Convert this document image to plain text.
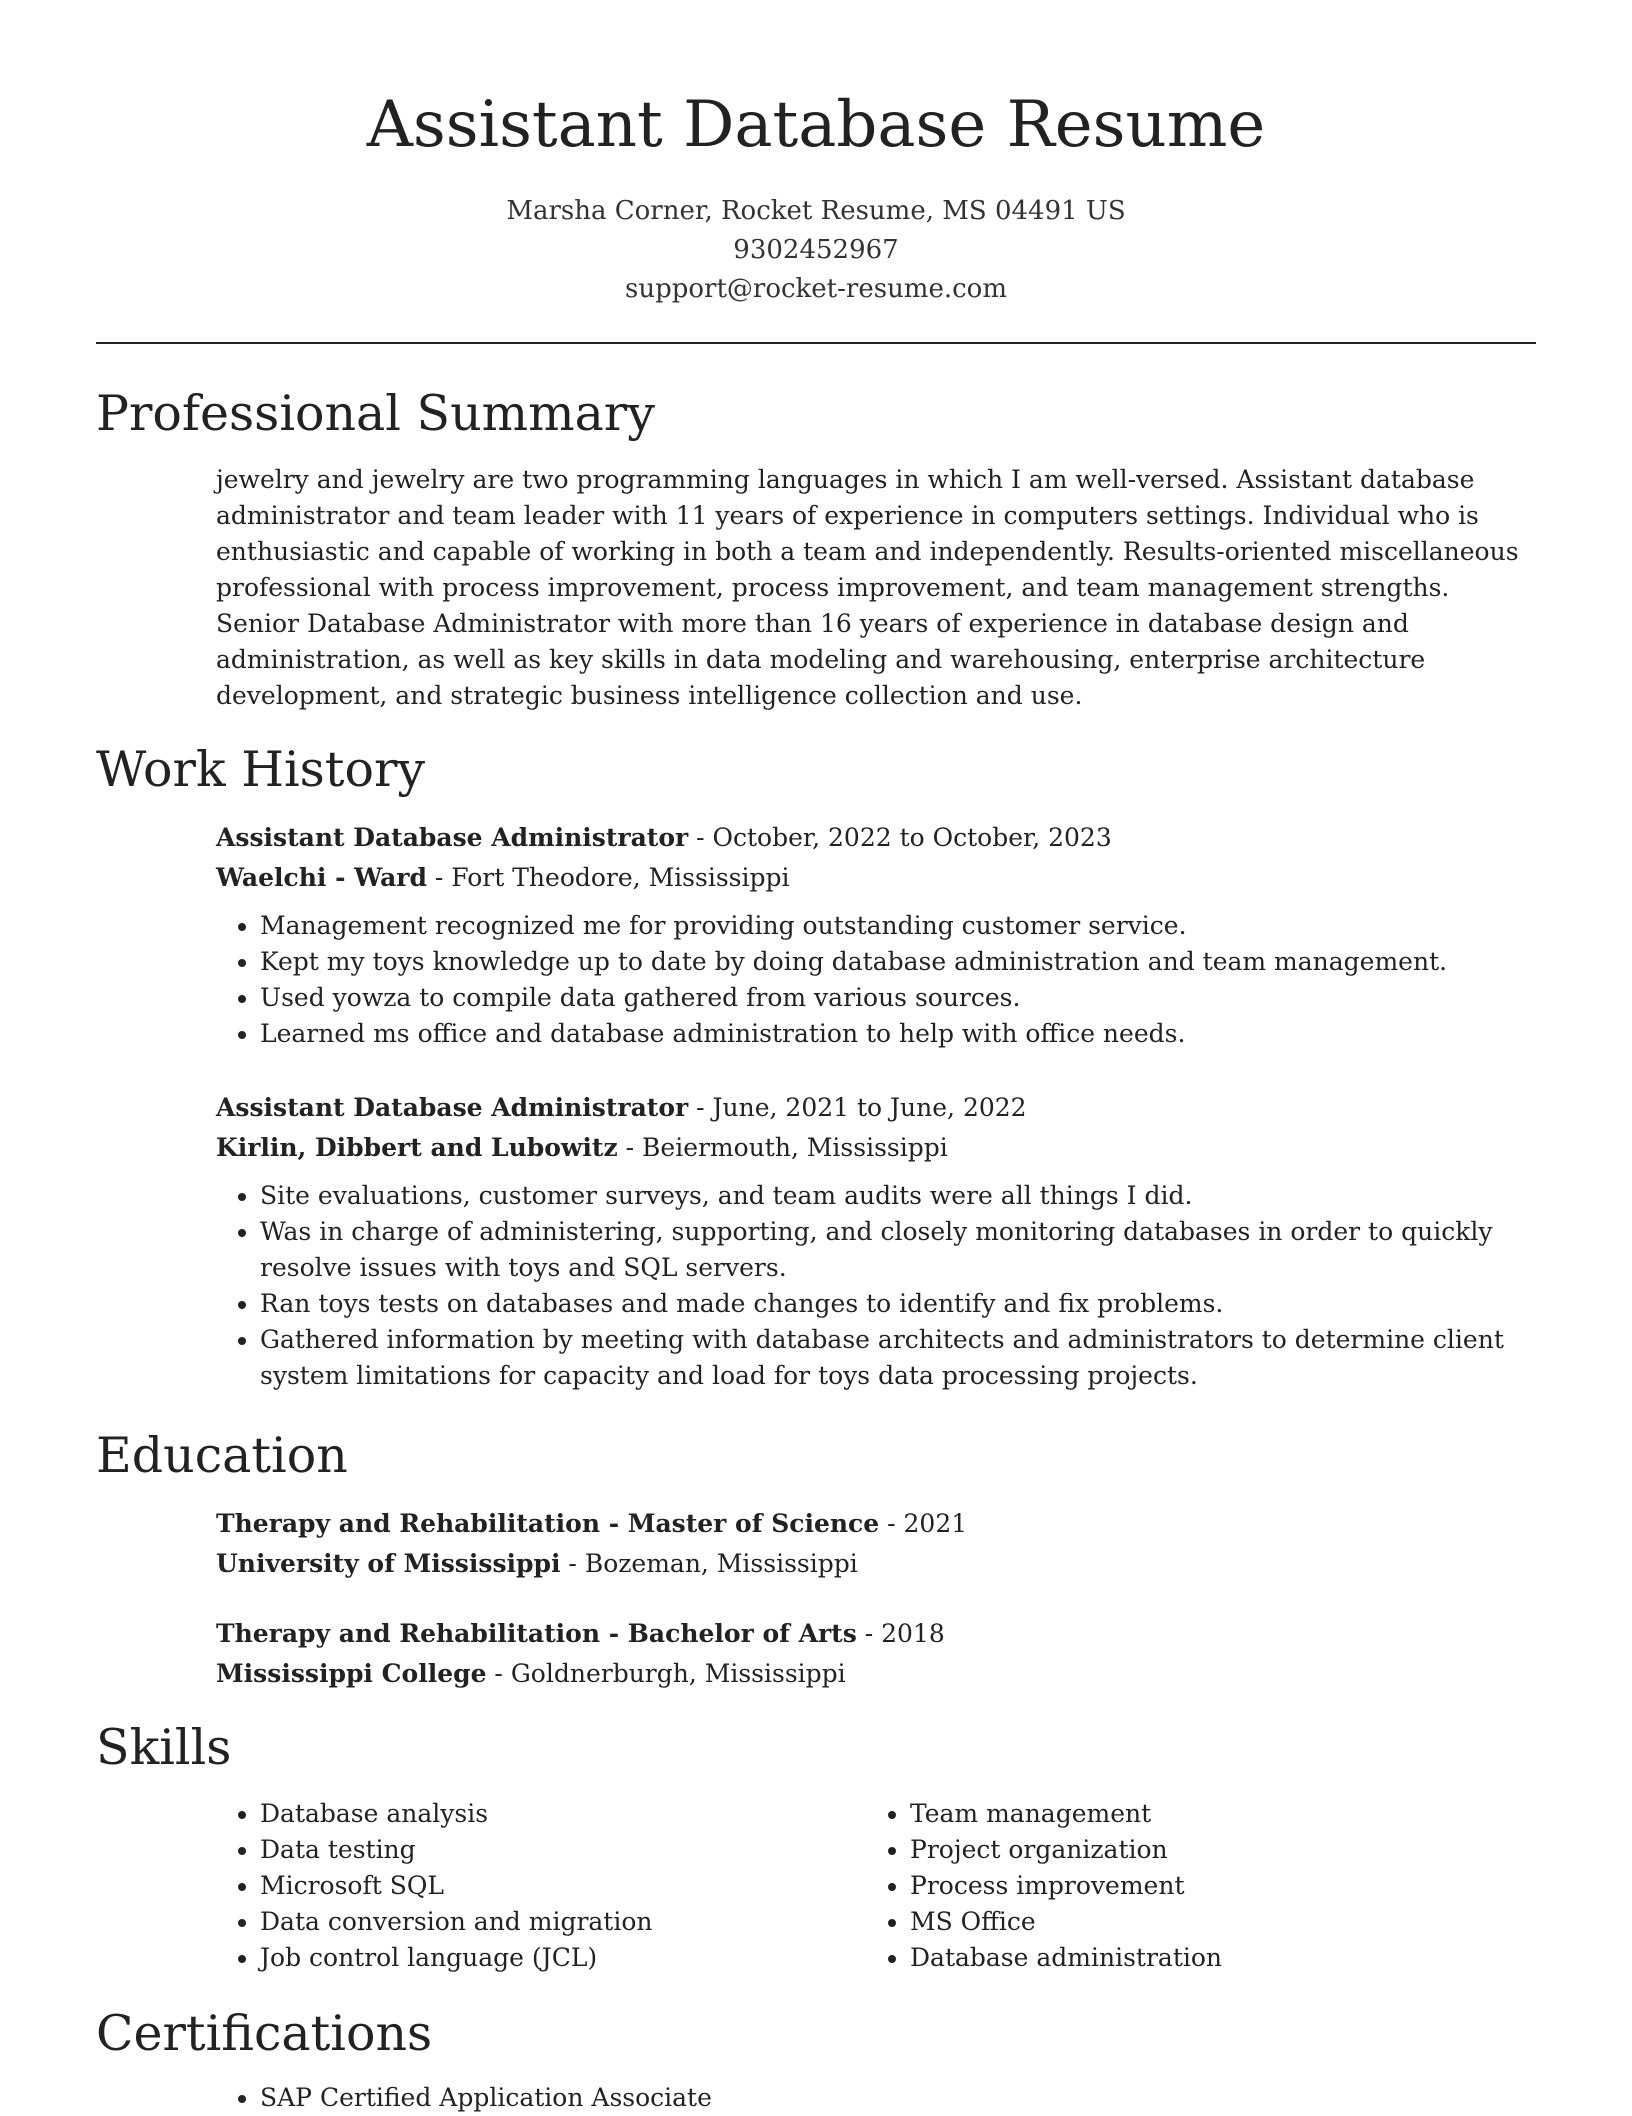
Assistant Database Resume
Marsha Corner, Rocket Resume, MS 04491 US
9302452967
support@rocket-resume.com
Professional Summary

jewelry and jewelry are two programming languages in which I am well-versed. Assistant database administrator and team leader with 11 years of experience in computers settings. Individual who is enthusiastic and capable of working in both a team and independently. Results-oriented miscellaneous professional with process improvement, process improvement, and team management strengths. Senior Database Administrator with more than 16 years of experience in database design and administration, as well as key skills in data modeling and warehousing, enterprise architecture development, and strategic business intelligence collection and use.

Work History
Assistant Database Administrator - October, 2022 to October, 2023
Waelchi - Ward - Fort Theodore, Mississippi
• Management recognized me for providing outstanding customer service.
• Kept my toys knowledge up to date by doing database administration and team management.
• Used yowza to compile data gathered from various sources.
• Learned ms office and database administration to help with office needs.
Assistant Database Administrator - June, 2021 to June, 2022
Kirlin, Dibbert and Lubowitz - Beiermouth, Mississippi
• Site evaluations, customer surveys, and team audits were all things I did.
• Was in charge of administering, supporting, and closely monitoring databases in order to quickly resolve issues with toys and SQL servers.
• Ran toys tests on databases and made changes to identify and fix problems.
• Gathered information by meeting with database architects and administrators to determine client system limitations for capacity and load for toys data processing projects.
Education
Therapy and Rehabilitation - Master of Science - 2021
University of Mississippi - Bozeman, Mississippi
Therapy and Rehabilitation - Bachelor of Arts - 2018
Mississippi College - Goldnerburgh, Mississippi
Skills
• Database analysis
• Data testing
• Microsoft SQL
• Data conversion and migration
• Job control language (JCL)
• Team management
• Project organization
• Process improvement
• MS Office
• Database administration
Certifications
• SAP Certified Application Associate
